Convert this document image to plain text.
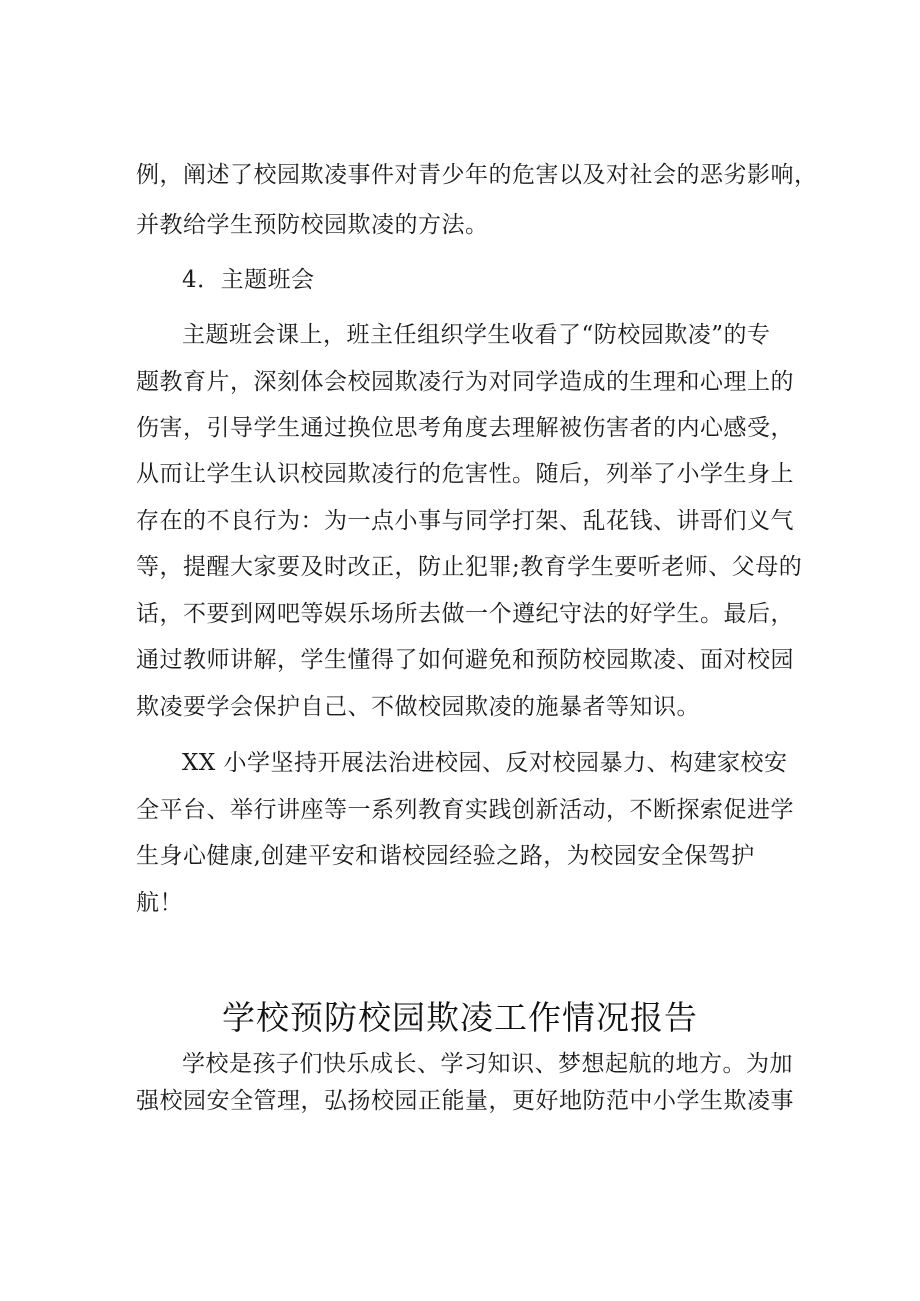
例，阐述了校园欺凌事件对青少年的危害以及对社会的恶劣影响，
并教给学生预防校园欺凌的方法。
4．主题班会
主题班会课上，班主任组织学生收看了“防校园欺凌”的专
题教育片，深刻体会校园欺凌行为对同学造成的生理和心理上的
伤害，引导学生通过换位思考角度去理解被伤害者的内心感受，
从而让学生认识校园欺凌行的危害性。随后，列举了小学生身上
存在的不良行为：为一点小事与同学打架、乱花钱、讲哥们义气
等，提醒大家要及时改正，防止犯罪;教育学生要听老师、父母的
话，不要到网吧等娱乐场所去做一个遵纪守法的好学生。最后，
通过教师讲解，学生懂得了如何避免和预防校园欺凌、面对校园
欺凌要学会保护自己、不做校园欺凌的施暴者等知识。
XX 小学坚持开展法治进校园、反对校园暴力、构建家校安
全平台、举行讲座等一系列教育实践创新活动，不断探索促进学
生身心健康,创建平安和谐校园经验之路，为校园安全保驾护
航！
学校预防校园欺凌工作情况报告
学校是孩子们快乐成长、学习知识、梦想起航的地方。为加
强校园安全管理，弘扬校园正能量，更好地防范中小学生欺凌事
